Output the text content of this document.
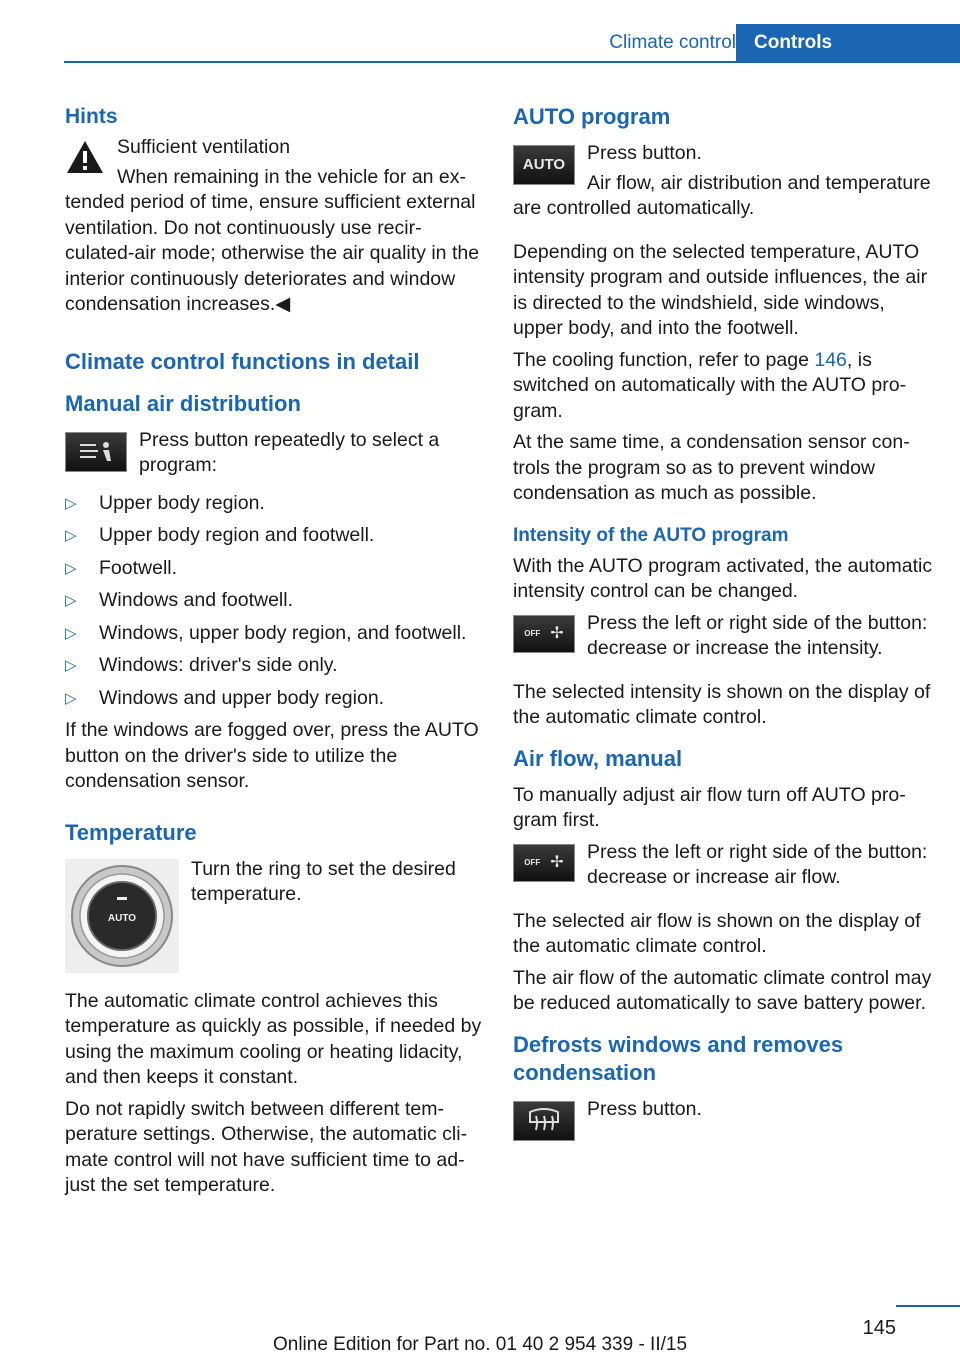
Climate control Controls
Hints

Sufficient ventilation

When remaining in the vehicle for an extended period of time, ensure sufficient external ventilation. Do not continuously use recirculated-air mode; otherwise the air quality in the interior continuously deteriorates and window condensation increases.◀

Climate control functions in detail
Manual air distribution

Press button repeatedly to select a program:

▷ Upper body region.
▷ Upper body region and footwell.
▷ Footwell.
▷ Windows and footwell.
▷ Windows, upper body region, and footwell.
▷ Windows: driver's side only.
▷ Windows and upper body region.

If the windows are fogged over, press the AUTO button on the driver's side to utilize the condensation sensor.

Temperature
AUTO

Turn the ring to set the desired temperature.

The automatic climate control achieves this temperature as quickly as possible, if needed by using the maximum cooling or heating lidacity, and then keeps it constant.

Do not rapidly switch between different temperature settings. Otherwise, the automatic climate control will not have sufficient time to adjust the set temperature.

AUTO program
AUTO

Press button.

Air flow, air distribution and temperature are controlled automatically.

Depending on the selected temperature, AUTO intensity program and outside influences, the air is directed to the windshield, side windows, upper body, and into the footwell.

The cooling function, refer to page 146, is switched on automatically with the AUTO program.

At the same time, a condensation sensor controls the program so as to prevent window condensation as much as possible.

Intensity of the AUTO program

With the AUTO program activated, the automatic intensity control can be changed.

OFF ✢	Press the left or right side of the button: decrease or increase the intensity.

The selected intensity is shown on the display of the automatic climate control.

Air flow, manual

To manually adjust air flow turn off AUTO program first.

OFF ✢	Press the left or right side of the button: decrease or increase air flow.

The selected air flow is shown on the display of the automatic climate control.

The air flow of the automatic climate control may be reduced automatically to save battery power.

Defrosts windows and removes condensation

Press button.

145
Online Edition for Part no. 01 40 2 954 339 - II/15
